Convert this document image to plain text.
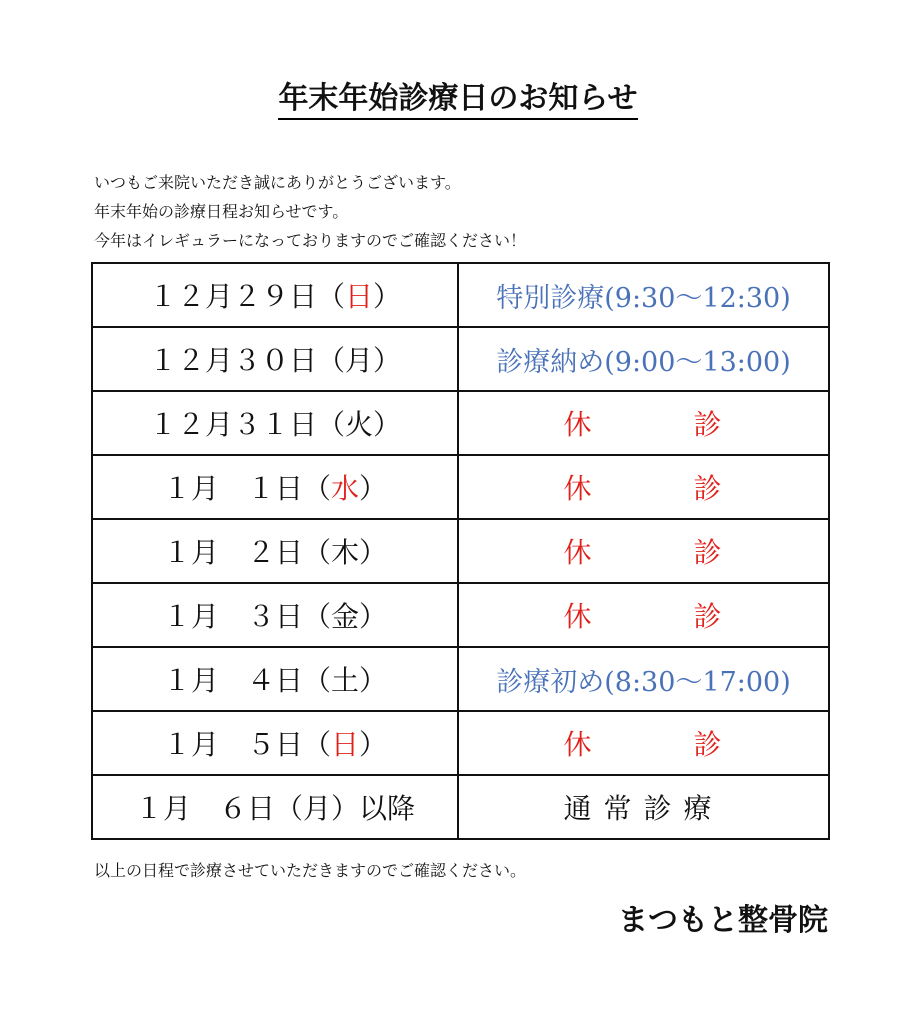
年末年始診療日のお知らせ
いつもご来院いただき誠にありがとうございます。
年末年始の診療日程お知らせです。
今年はイレギュラーになっておりますのでご確認ください！
１２月２９日（日）	特別診療(9:30～12:30)
１２月３０日（月）	診療納め(9:00～13:00)
１２月３１日（火）	休 診
１月　１日（水）	休 診
１月　２日（木）	休 診
１月　３日（金）	休 診
１月　４日（土）	診療初め(8:30～17:00)
１月　５日（日）	休 診
１月　６日（月）以降	通常診療
以上の日程で診療させていただきますのでご確認ください。
まつもと整骨院
